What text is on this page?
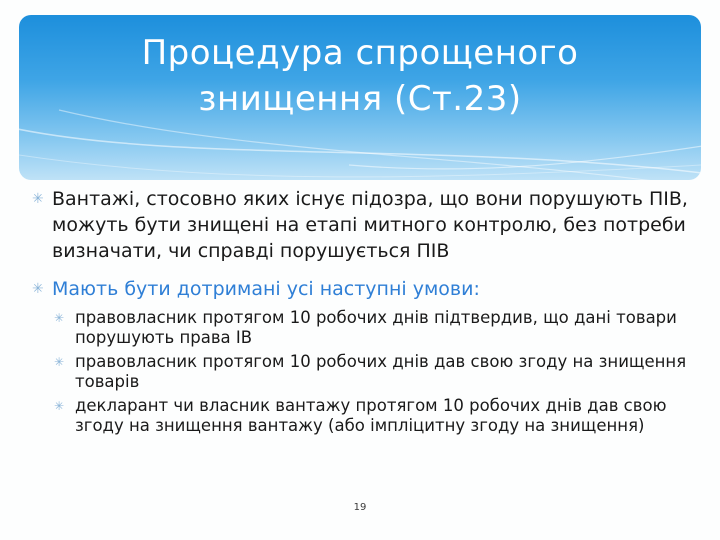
Процедура спрощеного
знищення (Ст.23)
✳ Вантажі, стосовно яких існує підозра, що вони порушують ПІВ, можуть бути знищені на етапі митного контролю, без потреби визначати, чи справді порушується ПІВ
✳ Мають бути дотримані усі наступні умови:
✳ правовласник протягом 10 робочих днів підтвердив, що дані товари порушують права ІВ
✳ правовласник протягом 10 робочих днів дав свою згоду на знищення товарів
✳ декларант чи власник вантажу протягом 10 робочих днів дав свою згоду на знищення вантажу (або імпліцитну згоду на знищення)
19
